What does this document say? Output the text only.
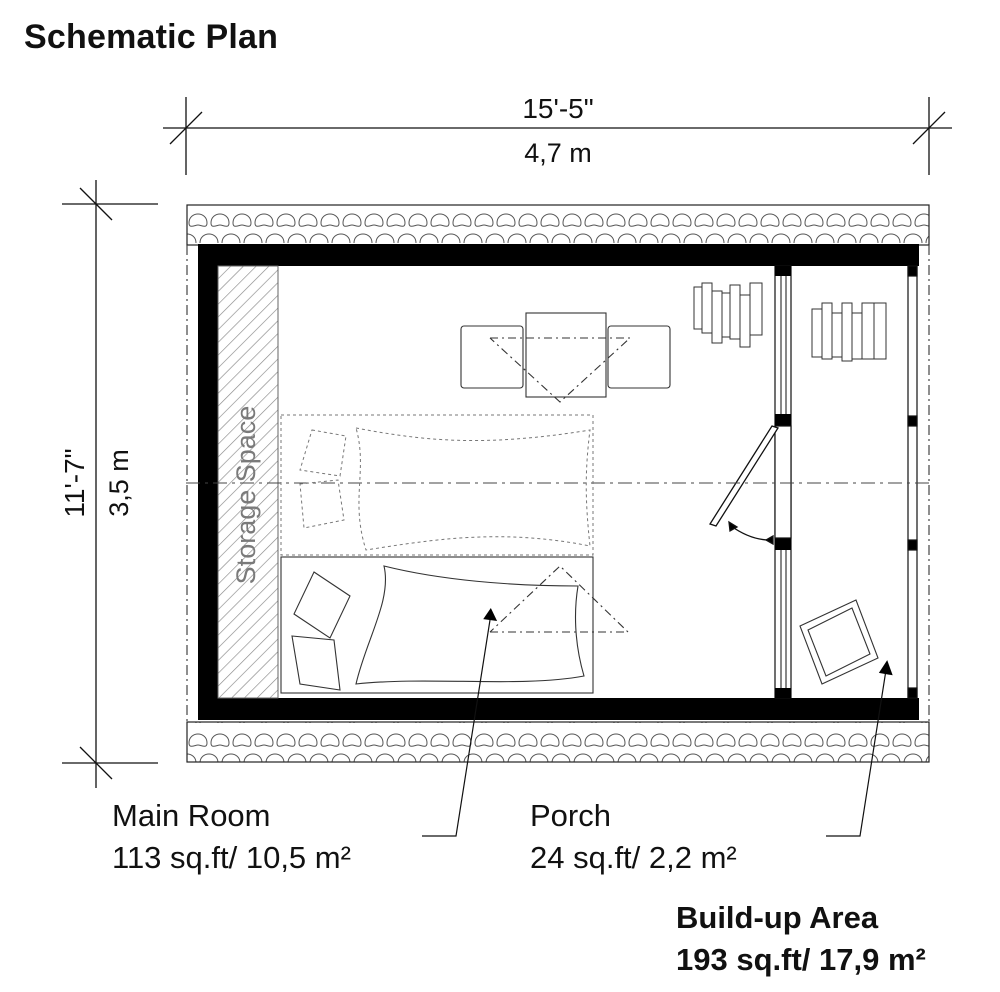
Schematic Plan
15'-5"
4,7 m
11'-7" 3,5 m	Storage Space
Main Room
113 sq.ft/ 10,5 m²
Porch
24 sq.ft/ 2,2 m²
Build-up Area
193 sq.ft/ 17,9 m²
